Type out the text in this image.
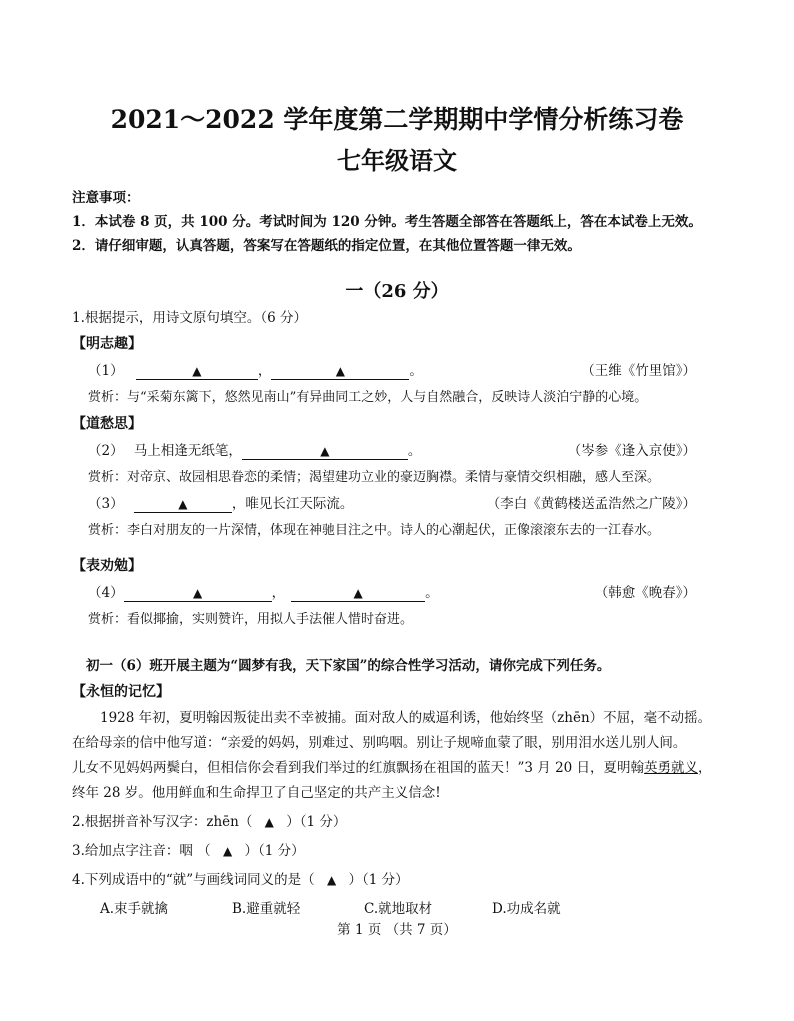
2021～2022 学年度第二学期期中学情分析练习卷
七年级语文
注意事项：
1．本试卷 8 页，共 100 分。考试时间为 120 分钟。考生答题全部答在答题纸上，答在本试卷上无效。
2．请仔细审题，认真答题，答案写在答题纸的指定位置，在其他位置答题一律无效。
一（26 分）
1.根据提示，用诗文原句填空。（6 分）
【明志趣】
（1）	▲	，	▲	。	（王维《竹里馆》）
赏析：与“采菊东篱下，悠然见南山”有异曲同工之妙，人与自然融合，反映诗人淡泊宁静的心境。
【道愁思】
（2） 马上相逢无纸笔，	▲	。	（岑参《逢入京使》）
赏析：对帝京、故园相思眷恋的柔情；渴望建功立业的豪迈胸襟。柔情与豪情交织相融，感人至深。
（3）	▲	，唯见长江天际流。	（李白《黄鹤楼送孟浩然之广陵》）
赏析：李白对朋友的一片深情，体现在神驰目注之中。诗人的心潮起伏，正像滚滚东去的一江春水。
【表劝勉】
（4）	▲	，	▲	。	（韩愈《晚春》）
赏析：看似揶揄，实则赞许，用拟人手法催人惜时奋进。
初一（6）班开展主题为“圆梦有我，天下家国”的综合性学习活动，请你完成下列任务。
【永恒的记忆】
1928 年初，夏明翰因叛徒出卖不幸被捕。面对敌人的威逼利诱，他始终坚（zhēn）不屈，毫不动摇。
在给母亲的信中他写道：“亲爱的妈妈，别难过、别呜咽。别让子规啼血蒙了眼，别用泪水送儿别人间。
儿女不见妈妈两鬓白，但相信你会看到我们举过的红旗飘扬在祖国的蓝天！”3 月 20 日，夏明翰英勇就义，
终年 28 岁。他用鲜血和生命捍卫了自己坚定的共产主义信念!
2.根据拼音补写汉字：zhēn（ ▲ ）（1 分）
3.给加点字注音：咽 （ ▲ ）（1 分）
4.下列成语中的“就”与画线词同义的是（ ▲ ）（1 分）
A.束手就擒	B.避重就轻	C.就地取材	D.功成名就
第 1 页 （共 7 页）
